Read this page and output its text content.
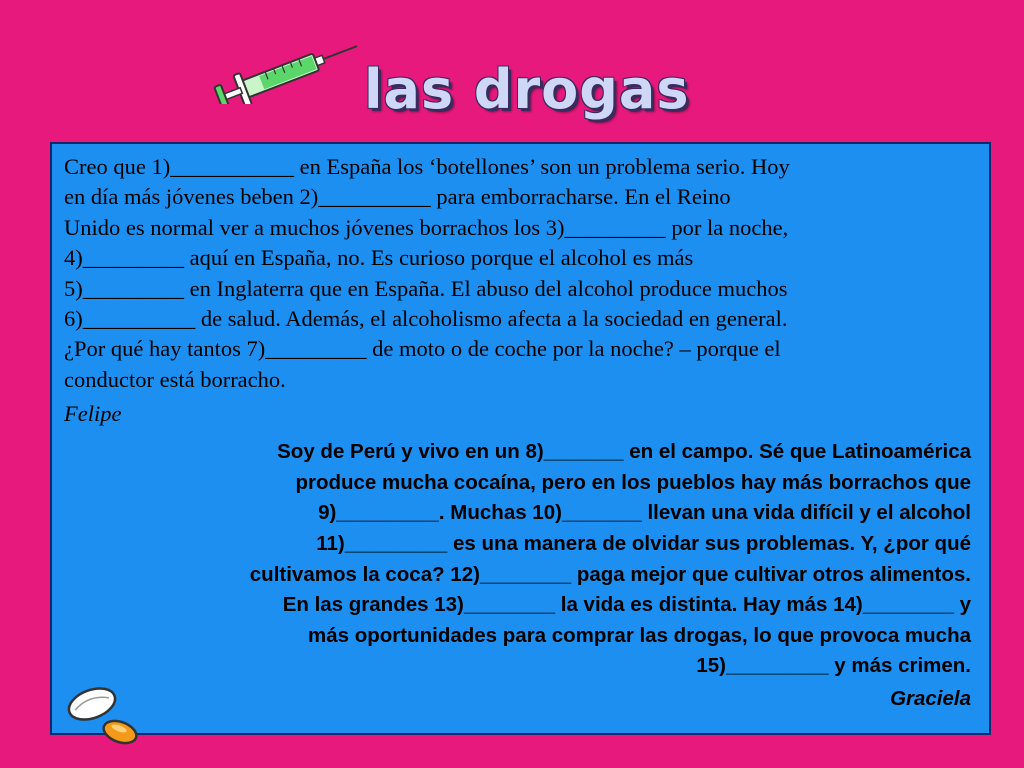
las drogas

Creo que 1)___________ en España los ‘botellones’ son un problema serio. Hoy
en día más jóvenes beben 2)__________ para emborracharse. En el Reino
Unido es normal ver a muchos jóvenes borrachos los 3)_________ por la noche,
4)_________ aquí en España, no. Es curioso porque el alcohol es más
5)_________ en Inglaterra que en España. El abuso del alcohol produce muchos
6)__________ de salud. Además, el alcoholismo afecta a la sociedad en general.
¿Por qué hay tantos 7)_________ de moto o de coche por la noche? – porque el
conductor está borracho.

Felipe

Soy de Perú y vivo en un 8)_______ en el campo. Sé que Latinoamérica
produce mucha cocaína, pero en los pueblos hay más borrachos que
9)_________. Muchas 10)_______ llevan una vida difícil y el alcohol
11)_________ es una manera de olvidar sus problemas. Y, ¿por qué
cultivamos la coca? 12)________ paga mejor que cultivar otros alimentos.
En las grandes 13)________ la vida es distinta. Hay más 14)________ y
más oportunidades para comprar las drogas, lo que provoca mucha
15)_________ y más crimen.

Graciela
